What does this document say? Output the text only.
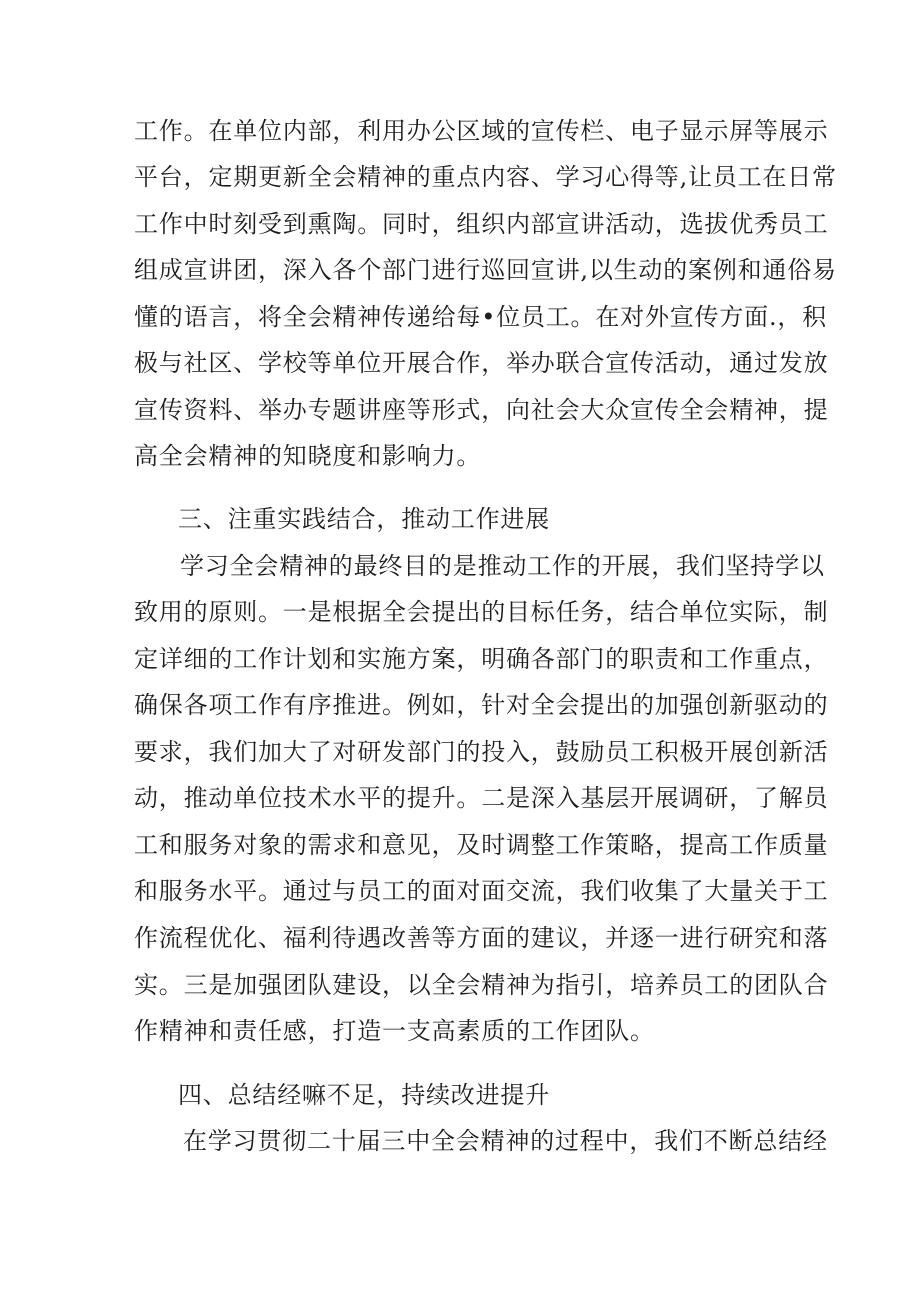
工作。在单位内部，利用办公区域的宣传栏、电子显示屏等展示
平台，定期更新全会精神的重点内容、学习心得等,让员工在日常
工作中时刻受到熏陶。同时，组织内部宣讲活动，选拔优秀员工
组成宣讲团，深入各个部门进行巡回宣讲,以生动的案例和通俗易
懂的语言，将全会精神传递给每•位员工。在对外宣传方面.，积
极与社区、学校等单位开展合作，举办联合宣传活动，通过发放
宣传资料、举办专题讲座等形式，向社会大众宣传全会精神，提
高全会精神的知晓度和影响力。
三、注重实践结合，推动工作进展
学习全会精神的最终目的是推动工作的开展，我们坚持学以
致用的原则。一是根据全会提出的目标任务，结合单位实际，制
定详细的工作计划和实施方案，明确各部门的职责和工作重点，
确保各项工作有序推进。例如，针对全会提出的加强创新驱动的
要求，我们加大了对研发部门的投入，鼓励员工积极开展创新活
动，推动单位技术水平的提升。二是深入基层开展调研，了解员
工和服务对象的需求和意见，及时调整工作策略，提高工作质量
和服务水平。通过与员工的面对面交流，我们收集了大量关于工
作流程优化、福利待遇改善等方面的建议，并逐一进行研究和落
实。三是加强团队建设，以全会精神为指引，培养员工的团队合
作精神和责任感，打造一支高素质的工作团队。
四、总结经嘛不足，持续改进提升
在学习贯彻二十届三中全会精神的过程中，我们不断总结经
